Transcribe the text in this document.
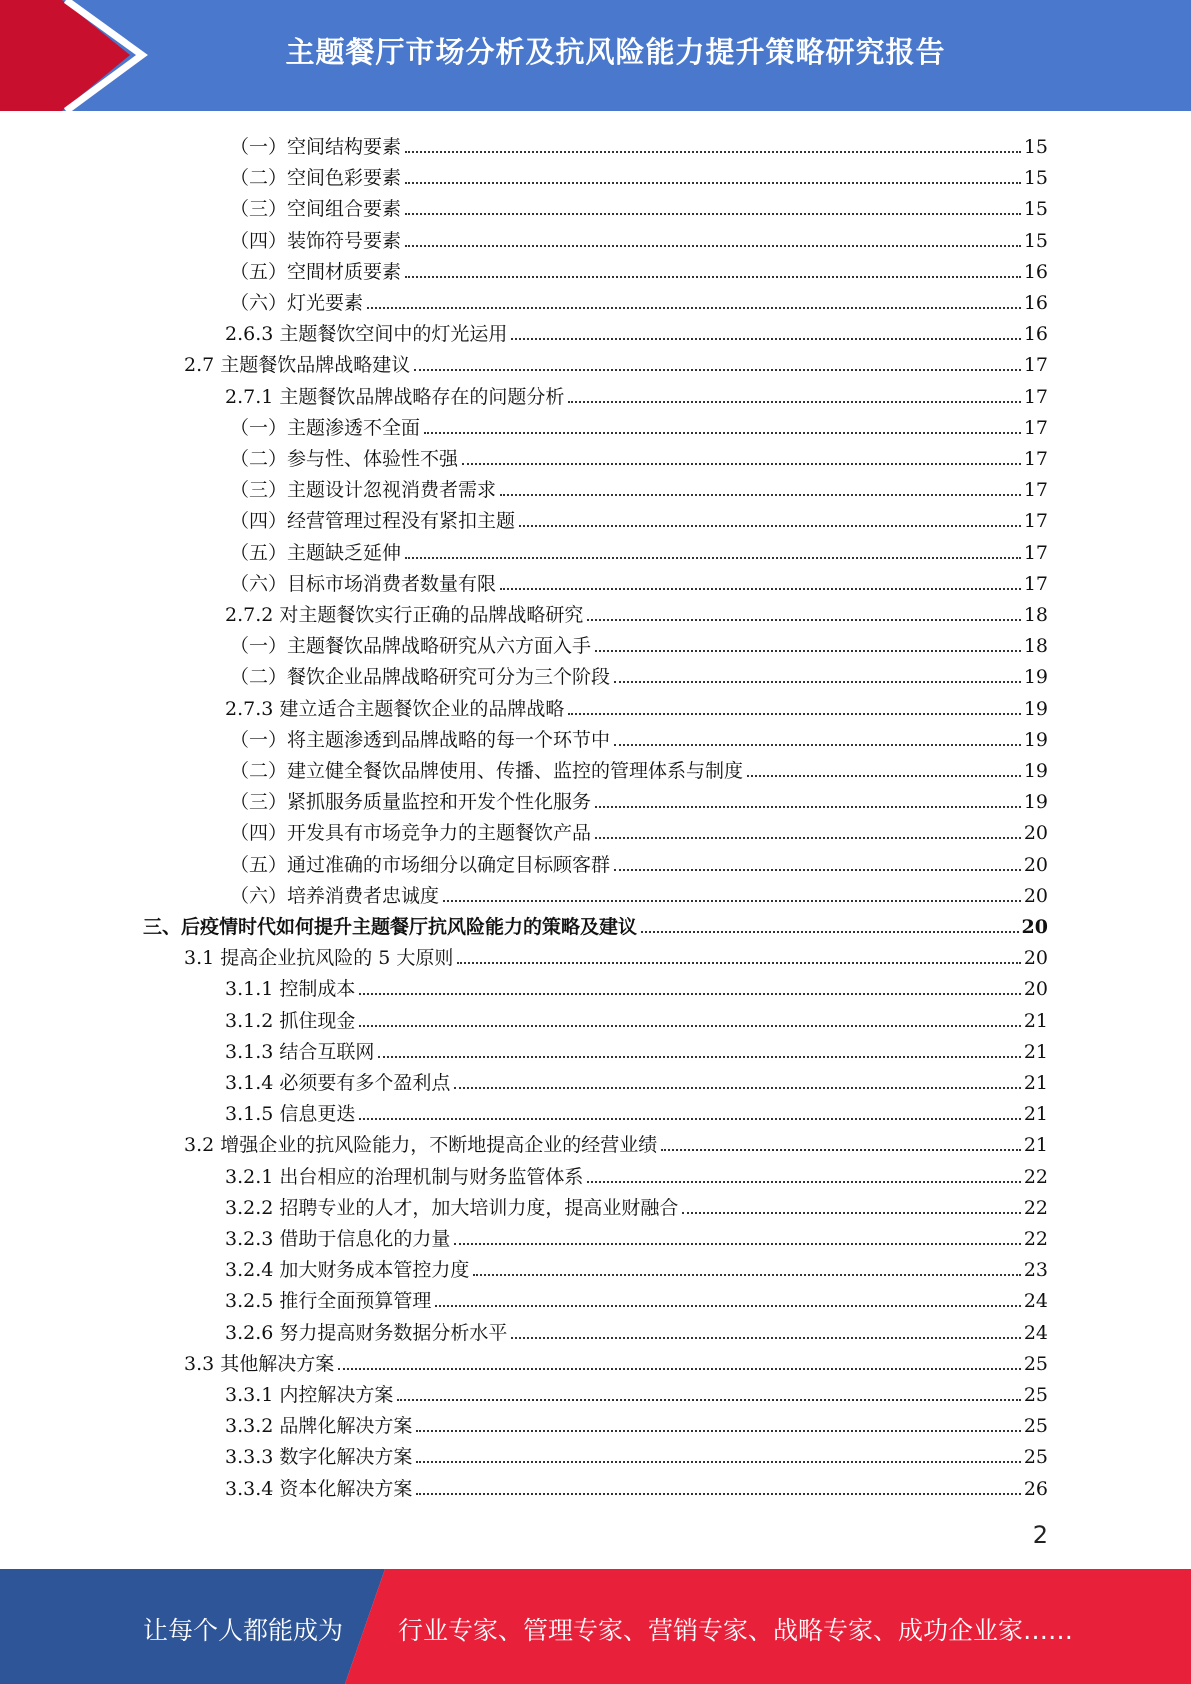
主题餐厅市场分析及抗风险能力提升策略研究报告
（一）空间结构要素	15
（二）空间色彩要素	15
（三）空间组合要素	15
（四）装饰符号要素	15
（五）空間材质要素	16
（六）灯光要素	16
2.6.3 主题餐饮空间中的灯光运用	16
2.7 主题餐饮品牌战略建议	17
2.7.1 主题餐饮品牌战略存在的问题分析	17
（一）主题渗透不全面	17
（二）参与性、体验性不强	17
（三）主题设计忽视消费者需求	17
（四）经营管理过程没有紧扣主题	17
（五）主题缺乏延伸	17
（六）目标市场消费者数量有限	17
2.7.2 对主题餐饮实行正确的品牌战略研究	18
（一）主题餐饮品牌战略研究从六方面入手	18
（二）餐饮企业品牌战略研究可分为三个阶段	19
2.7.3 建立适合主题餐饮企业的品牌战略	19
（一）将主题渗透到品牌战略的每一个环节中	19
（二）建立健全餐饮品牌使用、传播、监控的管理体系与制度	19
（三）紧抓服务质量监控和开发个性化服务	19
（四）开发具有市场竞争力的主题餐饮产品	20
（五）通过准确的市场细分以确定目标顾客群	20
（六）培养消费者忠诚度	20
三、后疫情时代如何提升主题餐厅抗风险能力的策略及建议	20
3.1 提高企业抗风险的 5 大原则	20
3.1.1 控制成本	20
3.1.2 抓住现金	21
3.1.3 结合互联网	21
3.1.4 必须要有多个盈利点	21
3.1.5 信息更迭	21
3.2 增强企业的抗风险能力，不断地提高企业的经营业绩	21
3.2.1 出台相应的治理机制与财务监管体系	22
3.2.2 招聘专业的人才，加大培训力度，提高业财融合	22
3.2.3 借助于信息化的力量	22
3.2.4 加大财务成本管控力度	23
3.2.5 推行全面预算管理	24
3.2.6 努力提高财务数据分析水平	24
3.3 其他解决方案	25
3.3.1 内控解决方案	25
3.3.2 品牌化解决方案	25
3.3.3 数字化解决方案	25
3.3.4 资本化解决方案	26
2
让每个人都能成为 行业专家、管理专家、营销专家、战略专家、成功企业家……
